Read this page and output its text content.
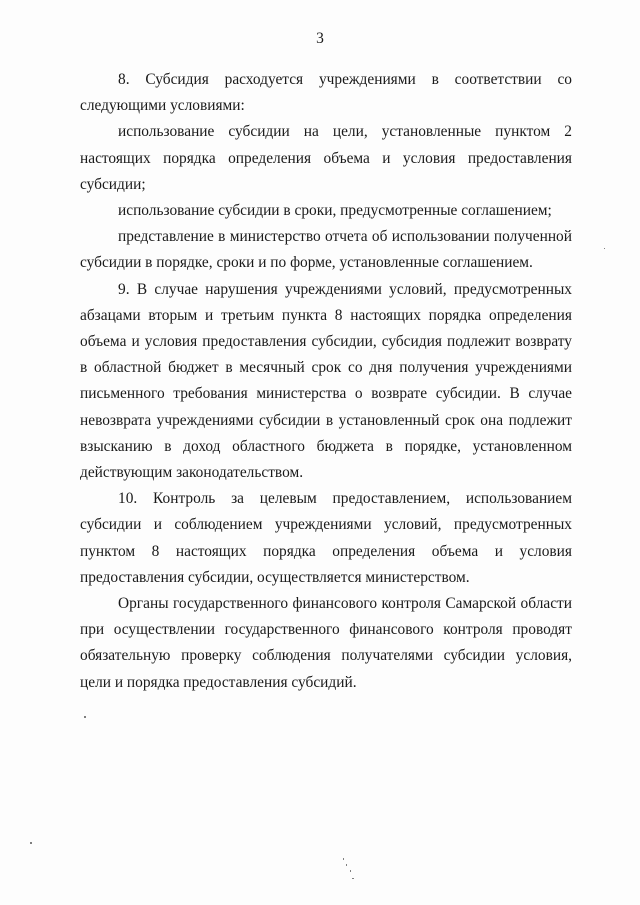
3

8. Субсидия расходуется учреждениями в соответствии со следующими условиями:

использование субсидии на цели, установленные пунктом 2 настоящих порядка определения объема и условия предоставления субсидии;

использование субсидии в сроки, предусмотренные соглашением;

представление в министерство отчета об использовании полученной субсидии в порядке, сроки и по форме, установленные соглашением.

9. В случае нарушения учреждениями условий, предусмотренных абзацами вторым и третьим пункта 8 настоящих порядка определения объема и условия предоставления субсидии, субсидия подлежит возврату в областной бюджет в месячный срок со дня получения учреждениями письменного требования министерства о возврате субсидии. В случае невозврата учреждениями субсидии в установленный срок она подлежит взысканию в доход областного бюджета в порядке, установленном действующим законодательством.

10. Контроль за целевым предоставлением, использованием субсидии и соблюдением учреждениями условий, предусмотренных пунктом 8 настоящих порядка определения объема и условия предоставления субсидии, осуществляется министерством.

Органы государственного финансового контроля Самарской области при осуществлении государственного финансового контроля проводят обязательную проверку соблюдения получателями субсидии условия, цели и порядка предоставления субсидий.
